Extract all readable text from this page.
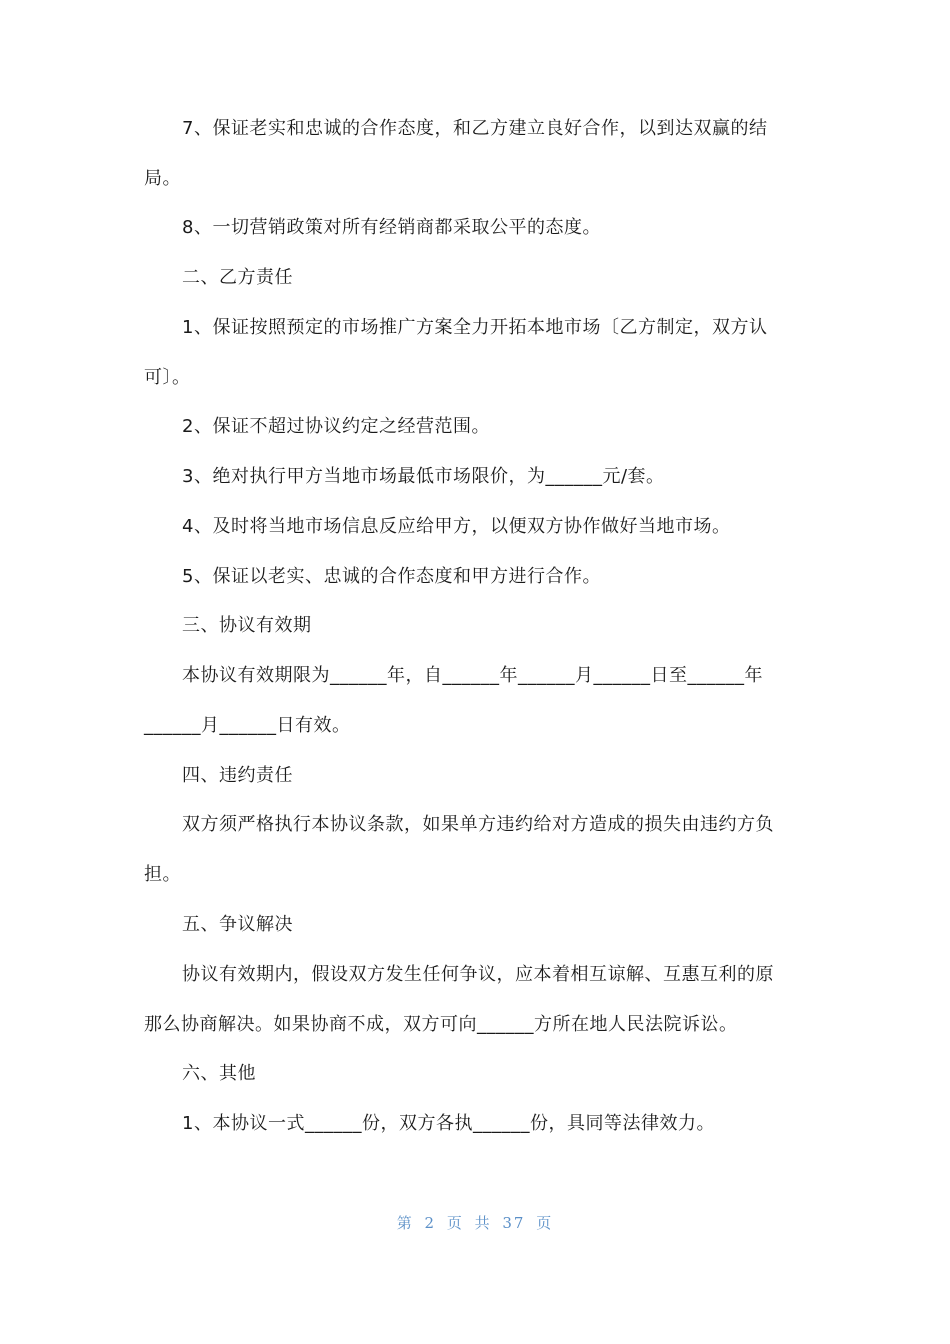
7、保证老实和忠诚的合作态度，和乙方建立良好合作，以到达双赢的结
局。
8、一切营销政策对所有经销商都采取公平的态度。
二、乙方责任
1、保证按照预定的市场推广方案全力开拓本地市场〔乙方制定，双方认
可〕。
2、保证不超过协议约定之经营范围。
3、绝对执行甲方当地市场最低市场限价，为______元/套。
4、及时将当地市场信息反应给甲方，以便双方协作做好当地市场。
5、保证以老实、忠诚的合作态度和甲方进行合作。
三、协议有效期
本协议有效期限为______年，自______年______月______日至______年
______月______日有效。
四、违约责任
双方须严格执行本协议条款，如果单方违约给对方造成的损失由违约方负
担。
五、争议解决
协议有效期内，假设双方发生任何争议，应本着相互谅解、互惠互利的原
那么协商解决。如果协商不成，双方可向______方所在地人民法院诉讼。
六、其他
1、本协议一式______份，双方各执______份，具同等法律效力。
第 2 页 共 37 页
